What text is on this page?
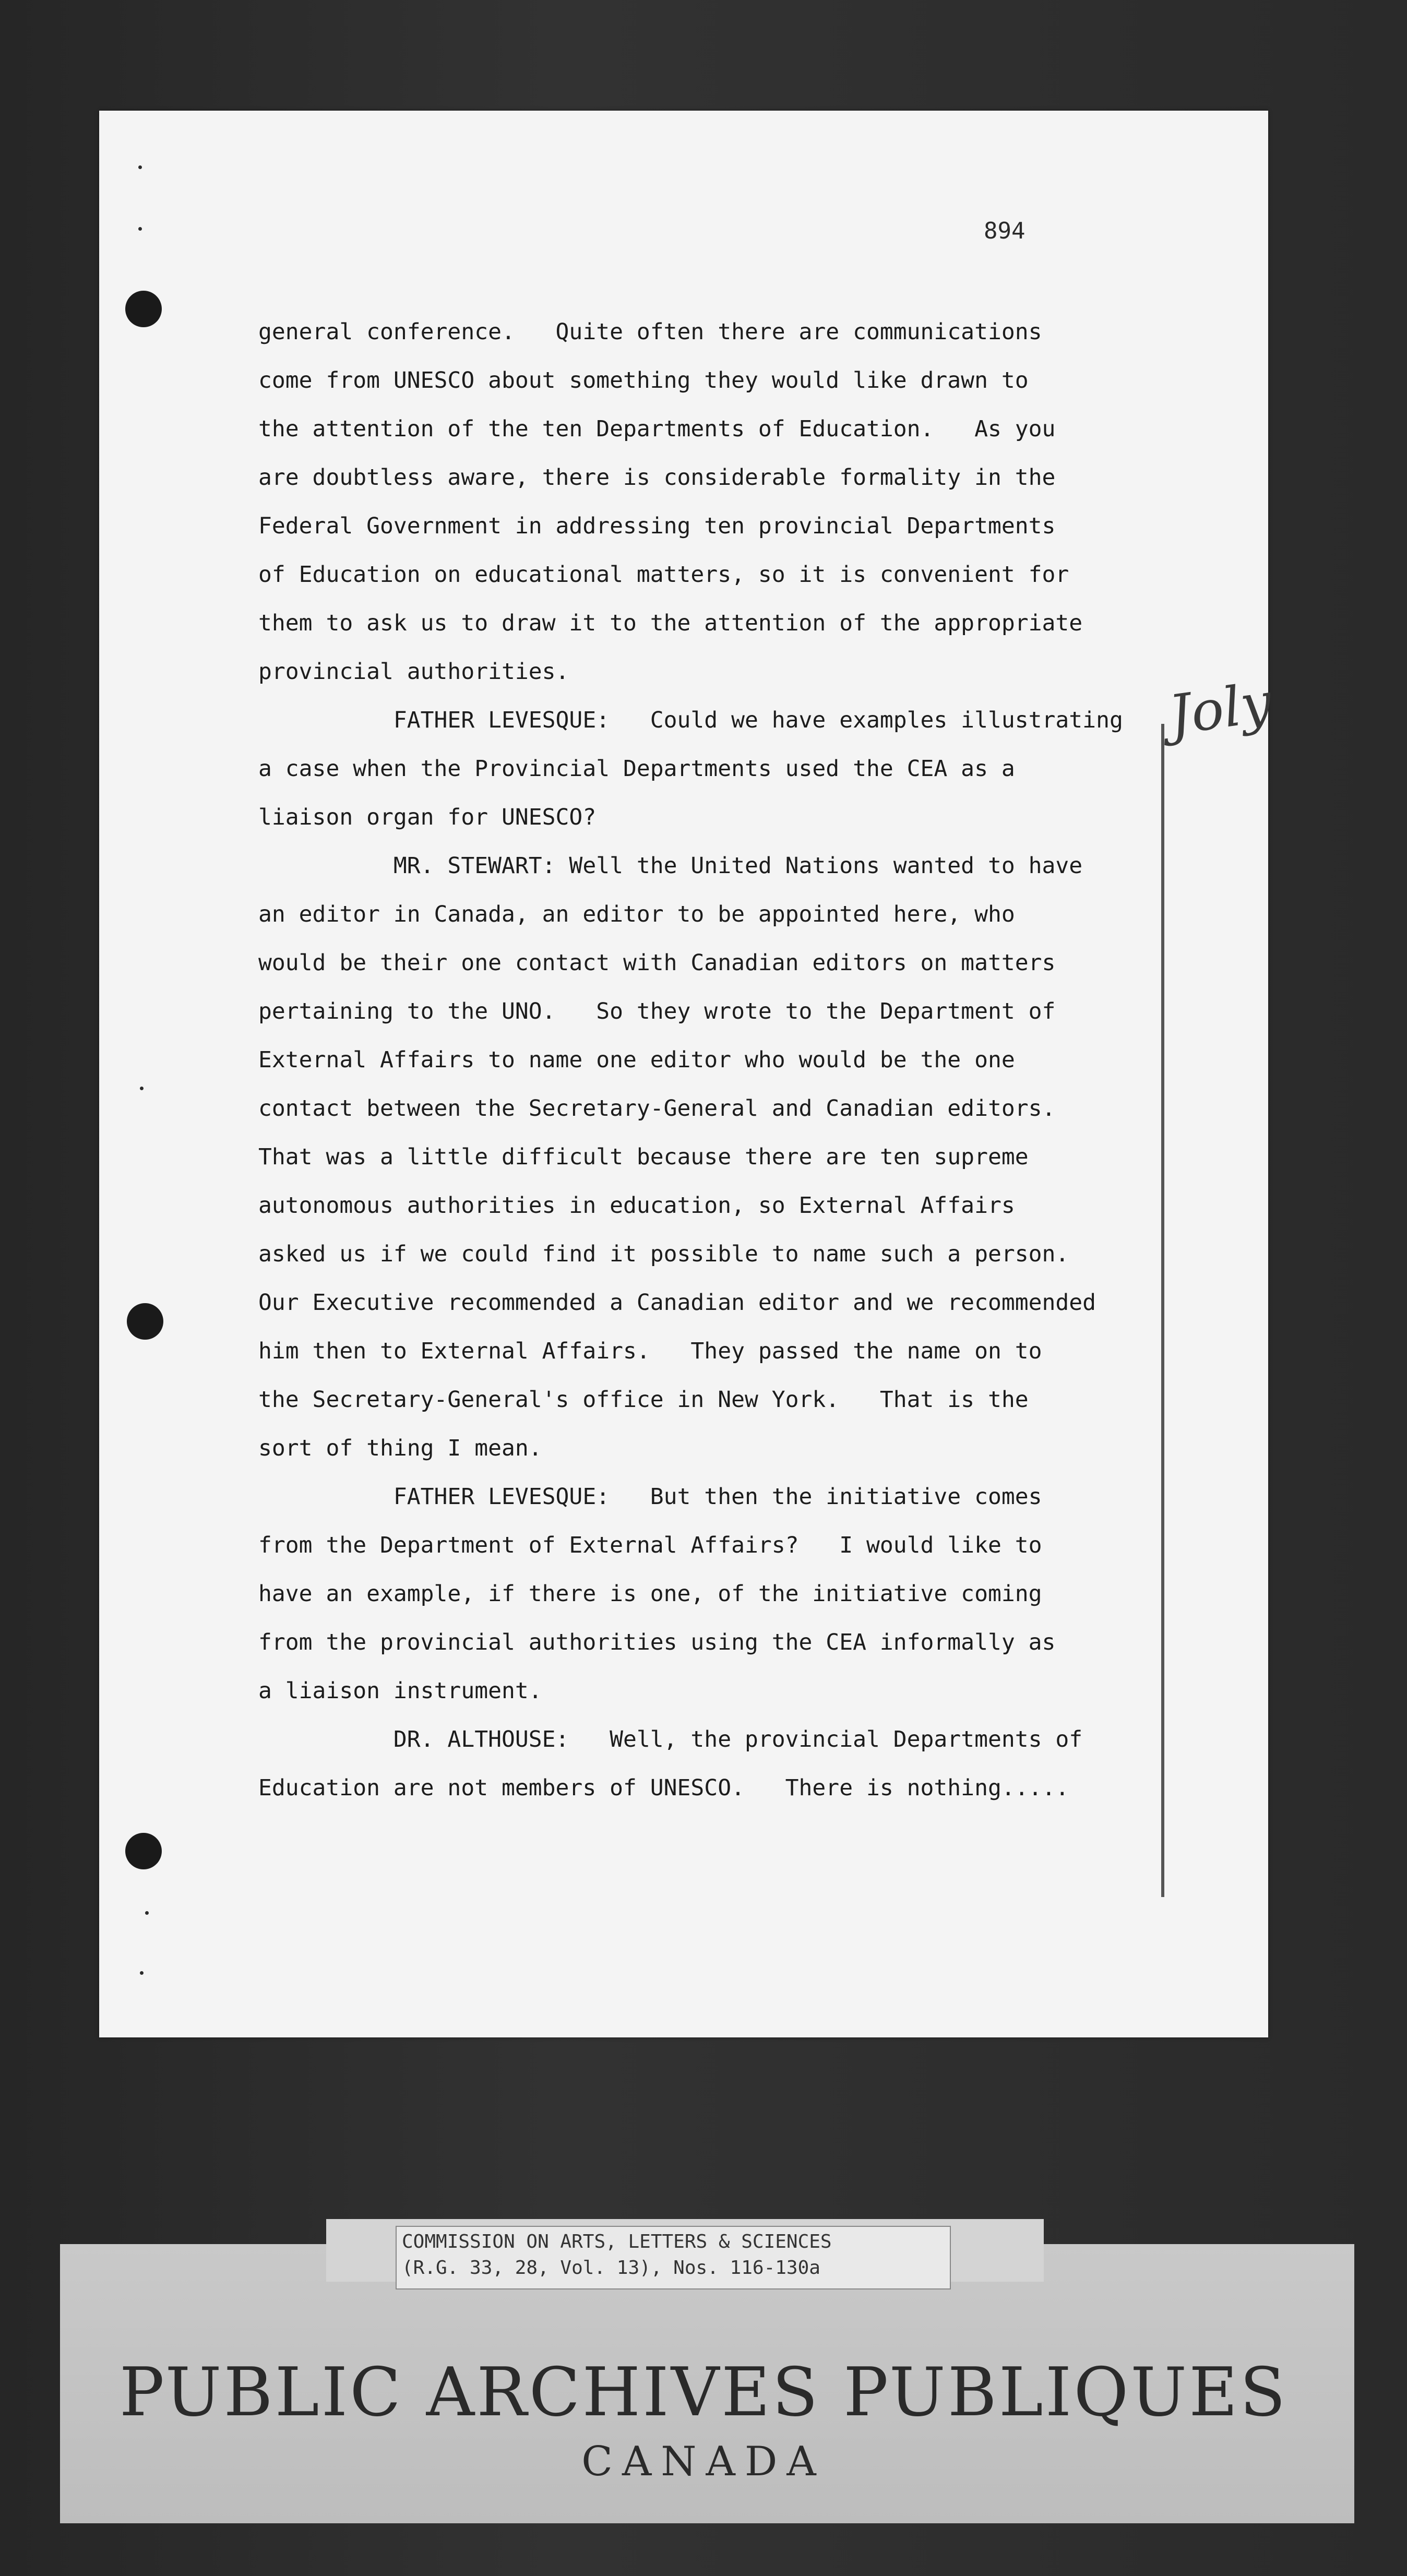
894
Joly
general conference.   Quite often there are communications
come from UNESCO about something they would like drawn to
the attention of the ten Departments of Education.   As you
are doubtless aware, there is considerable formality in the
Federal Government in addressing ten provincial Departments
of Education on educational matters, so it is convenient for
them to ask us to draw it to the attention of the appropriate
provincial authorities.
FATHER LEVESQUE:   Could we have examples illustrating
a case when the Provincial Departments used the CEA as a
liaison organ for UNESCO?
MR. STEWART: Well the United Nations wanted to have
an editor in Canada, an editor to be appointed here, who
would be their one contact with Canadian editors on matters
pertaining to the UNO.   So they wrote to the Department of
External Affairs to name one editor who would be the one
contact between the Secretary-General and Canadian editors.
That was a little difficult because there are ten supreme
autonomous authorities in education, so External Affairs
asked us if we could find it possible to name such a person.
Our Executive recommended a Canadian editor and we recommended
him then to External Affairs.   They passed the name on to
the Secretary-General's office in New York.   That is the
sort of thing I mean.
FATHER LEVESQUE:   But then the initiative comes
from the Department of External Affairs?   I would like to
have an example, if there is one, of the initiative coming
from the provincial authorities using the CEA informally as
a liaison instrument.
DR. ALTHOUSE:   Well, the provincial Departments of
Education are not members of UNESCO.   There is nothing.....
COMMISSION ON ARTS, LETTERS & SCIENCES
(R.G. 33, 28, Vol. 13), Nos. 116-130a
PUBLIC ARCHIVES PUBLIQUES
CANADA
